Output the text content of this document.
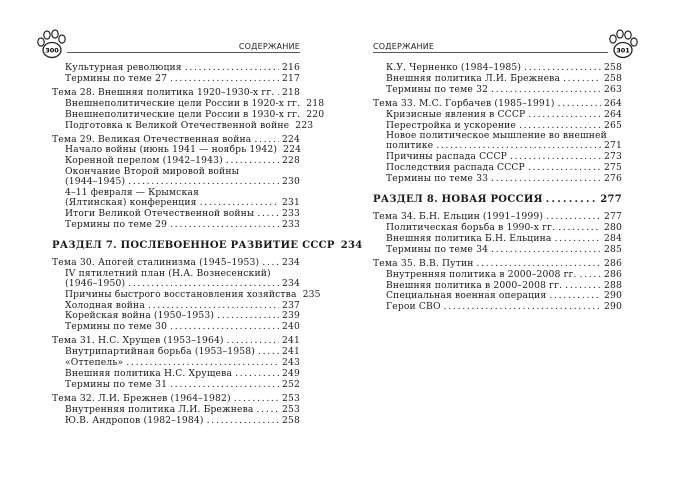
300	СОДЕРЖАНИЕ
Культурная революция . . .	216
Термины по теме 27 . . .	217
Тема 28. Внешняя политика 1920–1930-х гг. . . . 218
Внешнеполитические цели России в 1920-х гг. 218
Внешнеполитические цели России в 1930-х гг. 220
Подготовка к Великой Отечественной войне 223
Тема 29. Великая Отечественная война . . .	224
Начало войны (июнь 1941 — ноябрь 1942) 224
Коренной перелом (1942–1943) . . .	228
Окончание Второй мировой войны
(1944–1945) . . .	230
4–11 февраля — Крымская
(Ялтинская) конференция . . .	231
Итоги Великой Отечественной войны . . .	233
Термины по теме 29 . . .	233
РАЗДЕЛ 7. ПОСЛЕВОЕННОЕ РАЗВИТИЕ СССР 234
Тема 30. Апогей сталинизма (1945–1953) . . . 234
IV пятилетний план (Н.А. Вознесенский)
(1946–1950) . . .	234
Причины быстрого восстановления хозяйства 235
Холодная война . . .	237
Корейская война (1950–1953) . . .	239
Термины по теме 30 . . .	240
Тема 31. Н.С. Хрущев (1953–1964) . . .	241
Внутрипартийная борьба (1953–1958) . . .	241
«Оттепель» . . .	243
Внешняя политика Н.С. Хрущева . . .	249
Термины по теме 31 . . .	252
Тема 32. Л.И. Брежнев (1964–1982) . . .	253
Внутренняя политика Л.И. Брежнева . . .	253
Ю.В. Андропов (1982–1984) . . .	258
СОДЕРЖАНИЕ	301
К.У. Черненко (1984–1985) . . .	258
Внешняя политика Л.И. Брежнева . . .	258
Термины по теме 32 . . .	263
Тема 33. М.С. Горбачев (1985–1991) . . .	264
Кризисные явления в СССР . . .	264
Перестройка и ускорение . . .	265
Новое политическое мышление во внешней
политике . . .	271
Причины распада СССР . . .	273
Последствия распада СССР . . .	275
Термины по теме 33 . . .	276
РАЗДЕЛ 8. НОВАЯ РОССИЯ . . .	277
Тема 34. Б.Н. Ельцин (1991–1999) . . .	277
Политическая борьба в 1990-х гг. . . .	280
Внешняя политика Б.Н. Ельцина . . .	284
Термины по теме 34 . . .	285
Тема 35. В.В. Путин . . .	286
Внутренняя политика в 2000–2008 гг. . . .	286
Внешняя политика в 2000–2008 гг. . . .	288
Специальная военная операция . . .	290
Герои СВО . . .	290
